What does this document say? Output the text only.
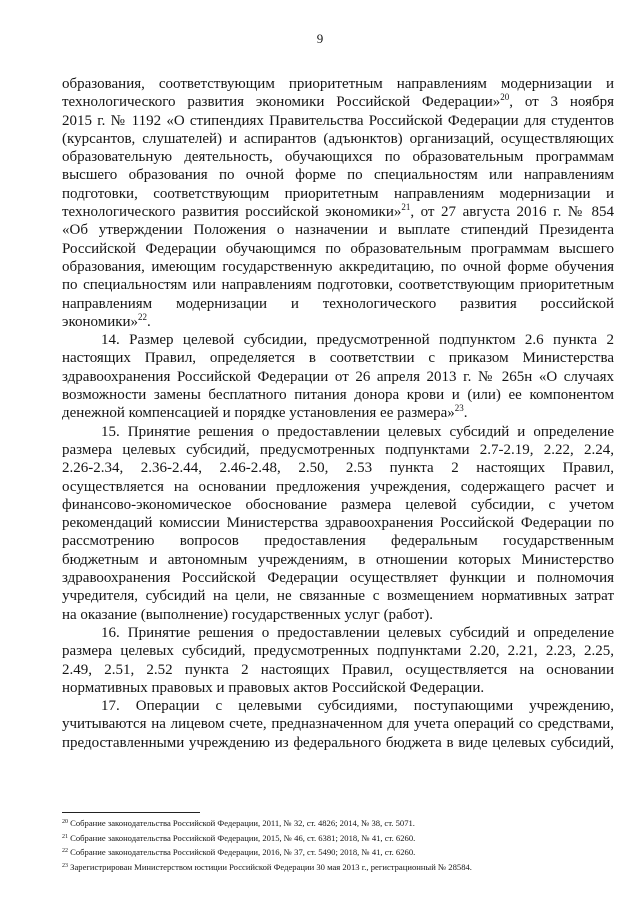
9
образования, соответствующим приоритетным направлениям модернизации и
технологического развития экономики Российской Федерации»$^{20}$, от 3 ноября
2015 г. № 1192 «О стипендиях Правительства Российской Федерации для студентов
(курсантов, слушателей) и аспирантов (адъюнктов) организаций, осуществляющих
образовательную деятельность, обучающихся по образовательным программам
высшего образования по очной форме по специальностям или направлениям
подготовки, соответствующим приоритетным направлениям модернизации и
технологического развития российской экономики»$^{21}$, от 27 августа 2016 г. № 854
«Об утверждении Положения о назначении и выплате стипендий Президента
Российской Федерации обучающимся по образовательным программам высшего
образования, имеющим государственную аккредитацию, по очной форме обучения
по специальностям или направлениям подготовки, соответствующим приоритетным
направлениям модернизации и технологического развития российской
экономики»$^{22}$.
14. Размер целевой субсидии, предусмотренной подпунктом 2.6 пункта 2
настоящих Правил, определяется в соответствии с приказом Министерства
здравоохранения Российской Федерации от 26 апреля 2013 г. № 265н «О случаях
возможности замены бесплатного питания донора крови и (или) ее компонентом
денежной компенсацией и порядке установления ее размера»$^{23}$.
15. Принятие решения о предоставлении целевых субсидий и определение
размера целевых субсидий, предусмотренных подпунктами 2.7-2.19, 2.22, 2.24,
2.26-2.34, 2.36-2.44, 2.46-2.48, 2.50, 2.53 пункта 2 настоящих Правил,
осуществляется на основании предложения учреждения, содержащего расчет и
финансово-экономическое обоснование размера целевой субсидии, с учетом
рекомендаций комиссии Министерства здравоохранения Российской Федерации по
рассмотрению вопросов предоставления федеральным государственным
бюджетным и автономным учреждениям, в отношении которых Министерство
здравоохранения Российской Федерации осуществляет функции и полномочия
учредителя, субсидий на цели, не связанные с возмещением нормативных затрат
на оказание (выполнение) государственных услуг (работ).
16. Принятие решения о предоставлении целевых субсидий и определение
размера целевых субсидий, предусмотренных подпунктами 2.20, 2.21, 2.23, 2.25,
2.49, 2.51, 2.52 пункта 2 настоящих Правил, осуществляется на основании
нормативных правовых и правовых актов Российской Федерации.
17. Операции с целевыми субсидиями, поступающими учреждению,
учитываются на лицевом счете, предназначенном для учета операций со средствами,
предоставленными учреждению из федерального бюджета в виде целевых субсидий,
$^{20}$ Собрание законодательства Российской Федерации, 2011, № 32, ст. 4826; 2014, № 38, ст. 5071.
$^{21}$ Собрание законодательства Российской Федерации, 2015, № 46, ст. 6381; 2018, № 41, ст. 6260.
$^{22}$ Собрание законодательства Российской Федерации, 2016, № 37, ст. 5490; 2018, № 41, ст. 6260.
$^{23}$ Зарегистрирован Министерством юстиции Российской Федерации 30 мая 2013 г., регистрационный № 28584.
